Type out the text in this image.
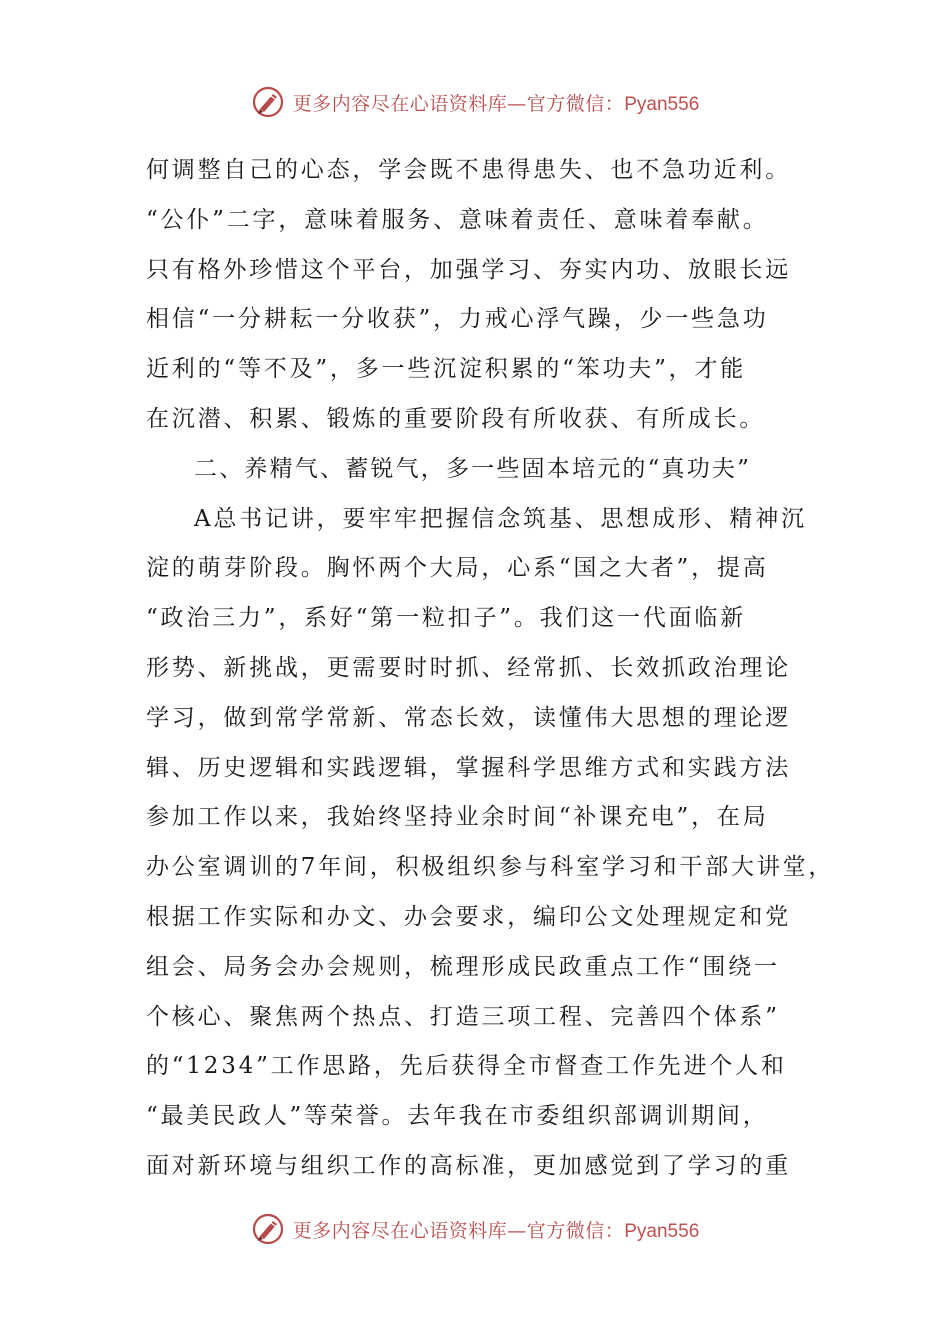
更多内容尽在心语资料库—官方微信：Pyan556
何调整自己的心态，学会既不患得患失、也不急功近利。
“公仆”二字，意味着服务、意味着责任、意味着奉献。
只有格外珍惜这个平台，加强学习、夯实内功、放眼长远
相信“一分耕耘一分收获”，力戒心浮气躁，少一些急功
近利的“等不及”，多一些沉淀积累的“笨功夫”，才能
在沉潜、积累、锻炼的重要阶段有所收获、有所成长。
二、养精气、蓄锐气，多一些固本培元的“真功夫”
A总书记讲，要牢牢把握信念筑基、思想成形、精神沉
淀的萌芽阶段。胸怀两个大局，心系“国之大者”，提高
“政治三力”，系好“第一粒扣子”。我们这一代面临新
形势、新挑战，更需要时时抓、经常抓、长效抓政治理论
学习，做到常学常新、常态长效，读懂伟大思想的理论逻
辑、历史逻辑和实践逻辑，掌握科学思维方式和实践方法
参加工作以来，我始终坚持业余时间“补课充电”，在局
办公室调训的7年间，积极组织参与科室学习和干部大讲堂，
根据工作实际和办文、办会要求，编印公文处理规定和党
组会、局务会办会规则，梳理形成民政重点工作“围绕一
个核心、聚焦两个热点、打造三项工程、完善四个体系”
的“1234”工作思路，先后获得全市督查工作先进个人和
“最美民政人”等荣誉。去年我在市委组织部调训期间，
面对新环境与组织工作的高标准，更加感觉到了学习的重
更多内容尽在心语资料库—官方微信：Pyan556
